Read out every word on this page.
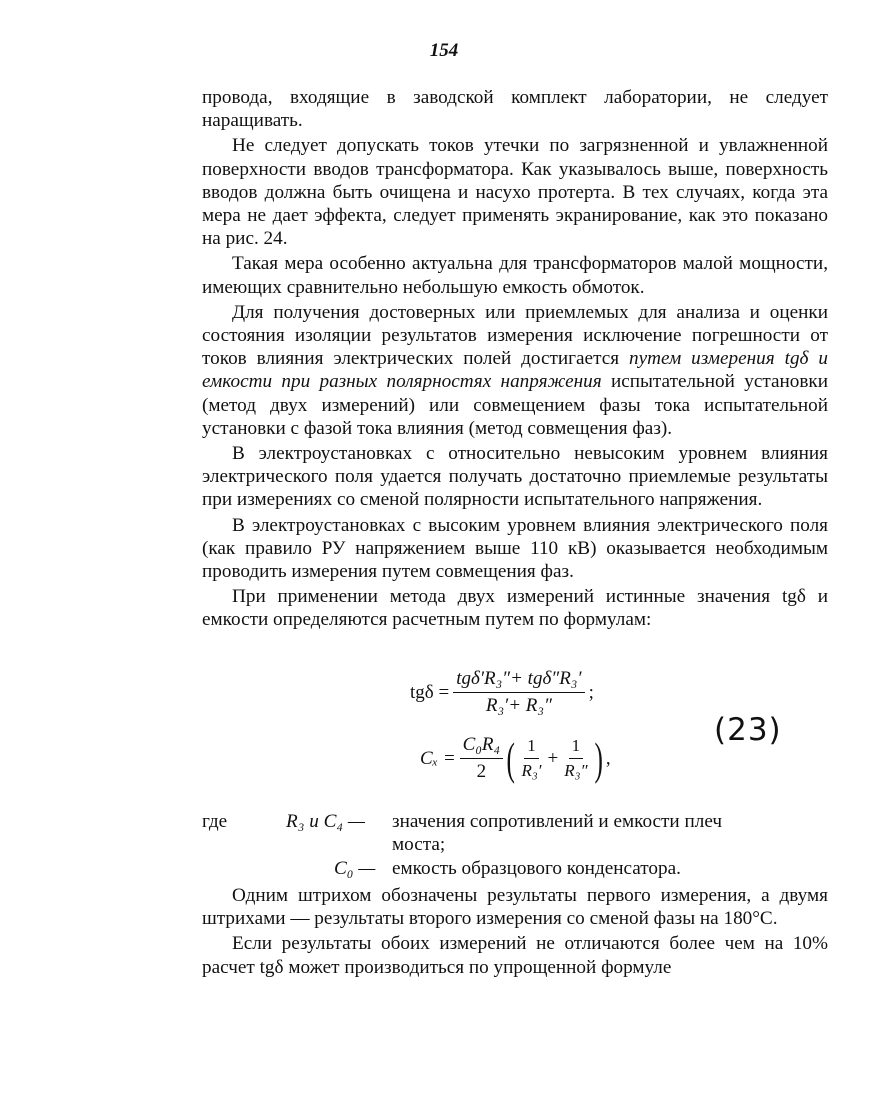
154

провода, входящие в заводской комплект лаборатории, не следует наращивать.

Не следует допускать токов утечки по загрязненной и увлажненной поверхности вводов трансформатора. Как указывалось выше, поверхность вводов должна быть очищена и насухо протерта. В тех случаях, когда эта мера не дает эффекта, следует применять экранирование, как это показано на рис. 24.

Такая мера особенно актуальна для трансформаторов малой мощности, имеющих сравнительно небольшую емкость обмоток.

Для получения достоверных или приемлемых для анализа и оценки состояния изоляции результатов измерения исключение погрешности от токов влияния электрических полей достигается путем измерения tgδ и емкости при разных полярностях напряжения испытательной установки (метод двух измерений) или совмещением фазы тока испытательной установки с фазой тока влияния (метод совмещения фаз).

В электроустановках с относительно невысоким уровнем влияния электрического поля удается получать достаточно приемлемые результаты при измерениях со сменой полярности испытательного напряжения.

В электроустановках с высоким уровнем влияния электрического поля (как правило РУ напряжением выше 110 кВ) оказывается необходимым проводить измерения путем совмещения фаз.

При применении метода двух измерений истинные значения tgδ и емкости определяются расчетным путем по формулам:

$tg\delta = \frac{\text{tgδ′R₃″+ tgδ″R₃′}}{\text{R₃′+ R₃″}}$ ;
$C_x = \frac{\text{C₀R₄}}{2}$ ( $\frac{1}{\text{R₃′}} + \frac{1}{\text{R₃″}}$ ) ,
(23)
где	R₃ и C₄ — значения сопротивлений и емкости плеч моста;
C₀ — емкость образцового конденсатора.

Одним штрихом обозначены результаты первого измерения, а двумя штрихами — результаты второго измерения со сменой фазы на 180°С.

Если результаты обоих измерений не отличаются более чем на 10% расчет tgδ может производиться по упрощенной формуле
